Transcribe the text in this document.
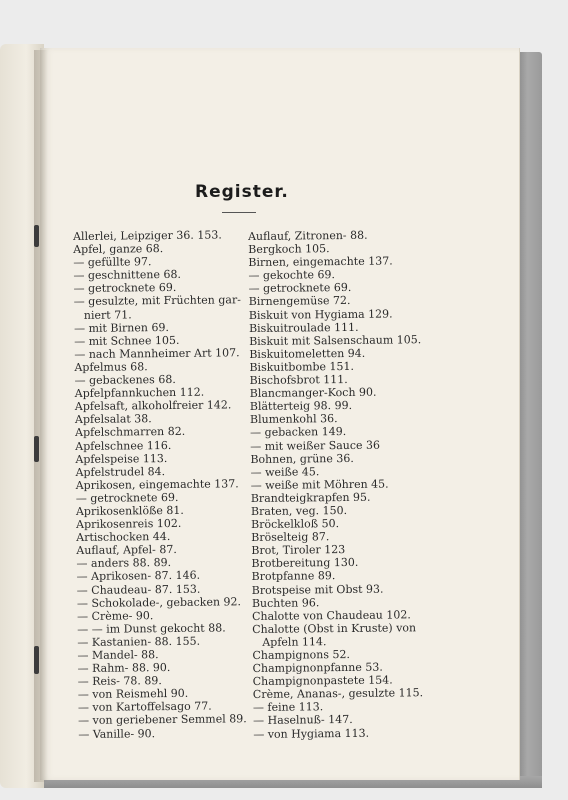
Register.
Allerlei, Leipziger 36. 153.
Apfel, ganze 68.
— gefüllte 97.
— geschnittene 68.
— getrocknete 69.
— gesulzte, mit Früchten gar-
niert 71.
— mit Birnen 69.
— mit Schnee 105.
— nach Mannheimer Art 107.
Apfelmus 68.
— gebackenes 68.
Apfelpfannkuchen 112.
Apfelsaft, alkoholfreier 142.
Apfelsalat 38.
Apfelschmarren 82.
Apfelschnee 116.
Apfelspeise 113.
Apfelstrudel 84.
Aprikosen, eingemachte 137.
— getrocknete 69.
Aprikosenklöße 81.
Aprikosenreis 102.
Artischocken 44.
Auflauf, Apfel- 87.
— anders 88. 89.
— Aprikosen- 87. 146.
— Chaudeau- 87. 153.
— Schokolade-, gebacken 92.
— Crème- 90.
— — im Dunst gekocht 88.
— Kastanien- 88. 155.
— Mandel- 88.
— Rahm- 88. 90.
— Reis- 78. 89.
— von Reismehl 90.
— von Kartoffelsago 77.
— von geriebener Semmel 89.
— Vanille- 90.
Auflauf, Zitronen- 88.
Bergkoch 105.
Birnen, eingemachte 137.
— gekochte 69.
— getrocknete 69.
Birnengemüse 72.
Biskuit von Hygiama 129.
Biskuitroulade 111.
Biskuit mit Salsenschaum 105.
Biskuitomeletten 94.
Biskuitbombe 151.
Bischofsbrot 111.
Blancmanger-Koch 90.
Blätterteig 98. 99.
Blumenkohl 36.
— gebacken 149.
— mit weißer Sauce 36
Bohnen, grüne 36.
— weiße 45.
— weiße mit Möhren 45.
Brandteigkrapfen 95.
Braten, veg. 150.
Bröckelkloß 50.
Bröselteig 87.
Brot, Tiroler 123
Brotbereitung 130.
Brotpfanne 89.
Brotspeise mit Obst 93.
Buchten 96.
Chalotte von Chaudeau 102.
Chalotte (Obst in Kruste) von
Apfeln 114.
Champignons 52.
Champignonpfanne 53.
Champignonpastete 154.
Crème, Ananas-, gesulzte 115.
— feine 113.
— Haselnuß- 147.
— von Hygiama 113.
